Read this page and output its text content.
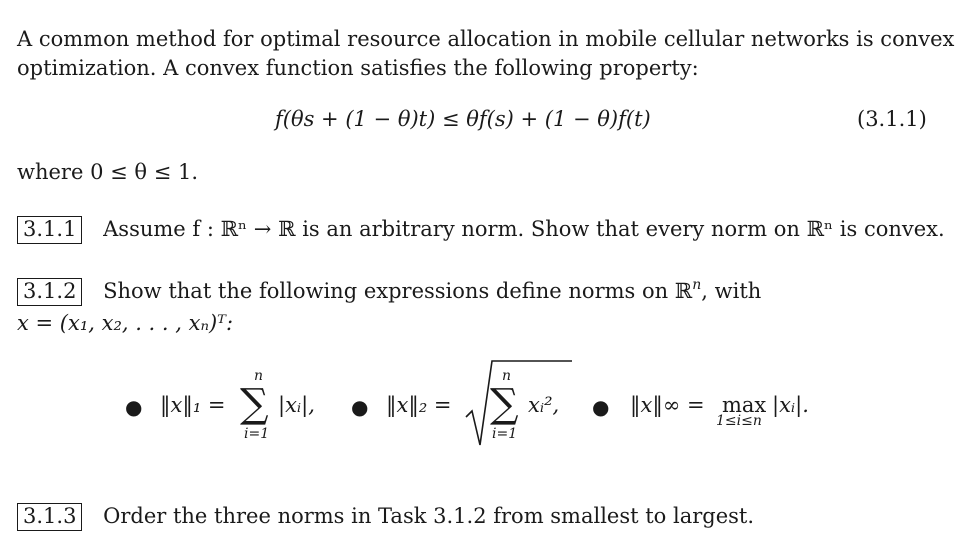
A common method for optimal resource allocation in mobile cellular networks is convex
optimization. A convex function satisfies the following property:
f(θs + (1 − θ)t) ≤ θf(s) + (1 − θ)f(t)	(3.1.1)
where 0 ≤ θ ≤ 1.
3.1.1 Assume f : ℝⁿ → ℝ is an arbitrary norm. Show that every norm on ℝⁿ is convex.
3.1.2 Show that the following expressions define norms on ℝ$^n$, with
x = (x₁, x₂, . . . , xₙ)ᵀ:
● ‖x‖₁ =
n
∑
i=1
|xᵢ|, ● ‖x‖₂ =
n
∑
i=1
xᵢ², ● ‖x‖∞ = max
1≤i≤n
|xᵢ|.
3.1.3 Order the three norms in Task 3.1.2 from smallest to largest.
